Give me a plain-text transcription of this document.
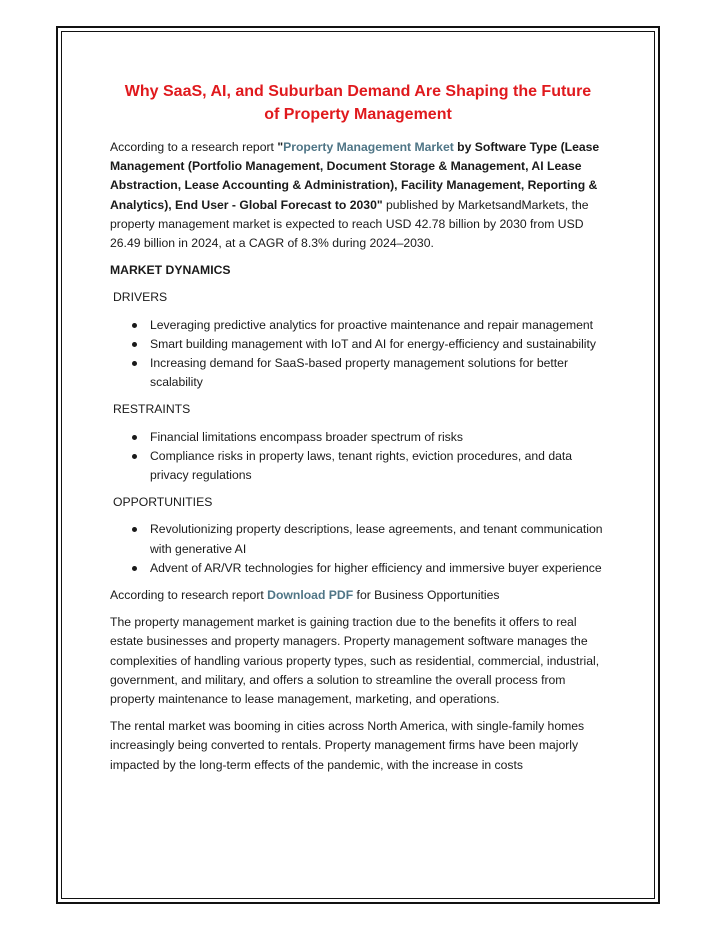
Why SaaS, AI, and Suburban Demand Are Shaping the Future
of Property Management

According to a research report "Property Management Market by Software Type (Lease Management (Portfolio Management, Document Storage & Management, AI Lease Abstraction, Lease Accounting & Administration), Facility Management, Reporting & Analytics), End User - Global Forecast to 2030" published by MarketsandMarkets, the property management market is expected to reach USD 42.78 billion by 2030 from USD 26.49 billion in 2024, at a CAGR of 8.3% during 2024–2030.

MARKET DYNAMICS

DRIVERS

Leveraging predictive analytics for proactive maintenance and repair management
Smart building management with IoT and AI for energy-efficiency and sustainability
Increasing demand for SaaS-based property management solutions for better scalability

RESTRAINTS

Financial limitations encompass broader spectrum of risks
Compliance risks in property laws, tenant rights, eviction procedures, and data privacy regulations

OPPORTUNITIES

Revolutionizing property descriptions, lease agreements, and tenant communication with generative AI
Advent of AR/VR technologies for higher efficiency and immersive buyer experience

According to research report Download PDF for Business Opportunities

The property management market is gaining traction due to the benefits it offers to real estate businesses and property managers. Property management software manages the complexities of handling various property types, such as residential, commercial, industrial, government, and military, and offers a solution to streamline the overall process from property maintenance to lease management, marketing, and operations.

The rental market was booming in cities across North America, with single-family homes increasingly being converted to rentals. Property management firms have been majorly impacted by the long-term effects of the pandemic, with the increase in costs
